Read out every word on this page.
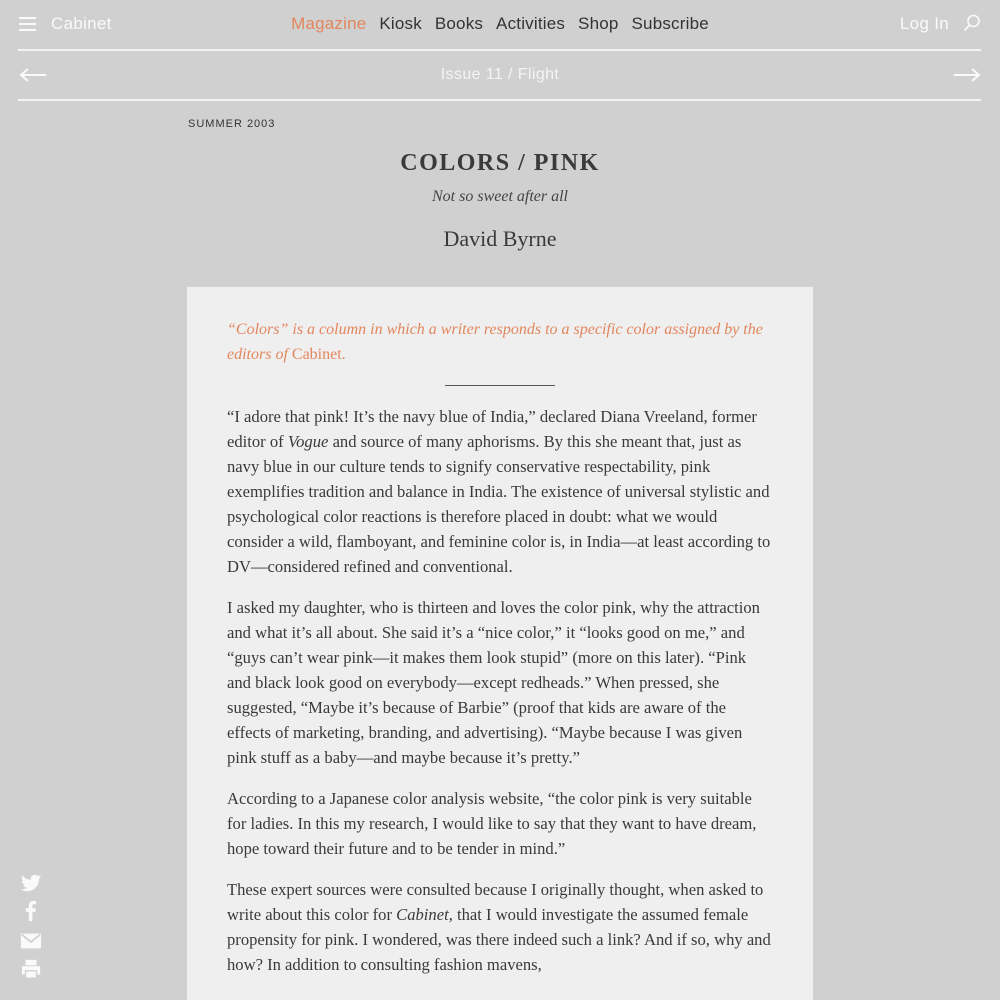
Cabinet	Magazine Kiosk Books Activities Shop Subscribe	Log In
Issue 11 / Flight
SUMMER 2003
COLORS / PINK
Not so sweet after all
David Byrne

“Colors” is a column in which a writer responds to a specific color assigned by the editors of Cabinet.

“I adore that pink! It’s the navy blue of India,” declared Diana Vreeland, former editor of Vogue and source of many aphorisms. By this she meant that, just as navy blue in our culture tends to signify conservative respectability, pink exemplifies tradition and balance in India. The existence of universal stylistic and psychological color reactions is therefore placed in doubt: what we would consider a wild, flamboyant, and feminine color is, in India—at least according to DV—considered refined and conventional.

I asked my daughter, who is thirteen and loves the color pink, why the attraction and what it’s all about. She said it’s a “nice color,” it “looks good on me,” and “guys can’t wear pink—it makes them look stupid” (more on this later). “Pink and black look good on everybody—except redheads.” When pressed, she suggested, “Maybe it’s because of Barbie” (proof that kids are aware of the effects of marketing, branding, and advertising). “Maybe because I was given pink stuff as a baby—and maybe because it’s pretty.”

According to a Japanese color analysis website, “the color pink is very suitable for ladies. In this my research, I would like to say that they want to have dream, hope toward their future and to be tender in mind.”

These expert sources were consulted because I originally thought, when asked to write about this color for Cabinet, that I would investigate the assumed female propensity for pink. I wondered, was there indeed such a link? And if so, why and how? In addition to consulting fashion mavens,
